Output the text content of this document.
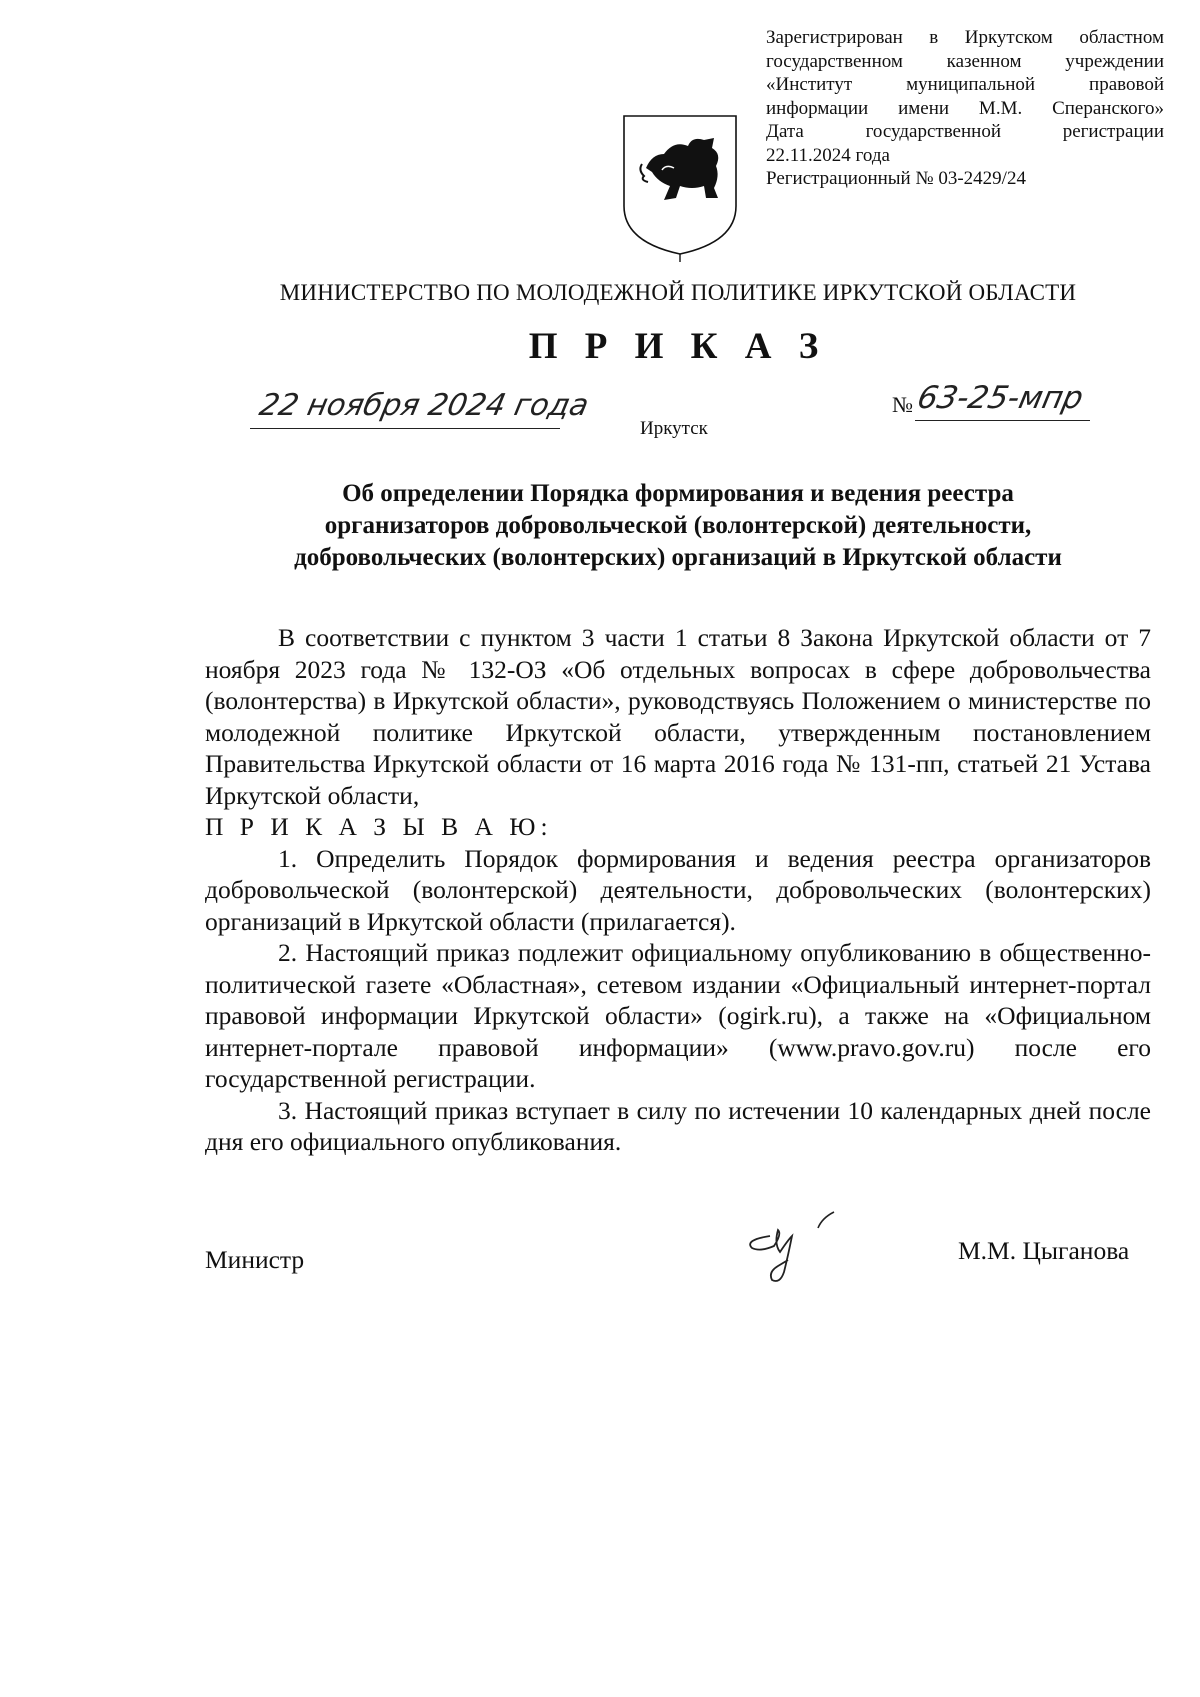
Зарегистрирован в Иркутском областном
государственном казенном учреждении
«Институт муниципальной правовой
информации имени М.М. Сперанского»
Дата государственной регистрации
22.11.2024 года
Регистрационный № 03-2429/24
МИНИСТЕРСТВО ПО МОЛОДЕЖНОЙ ПОЛИТИКЕ ИРКУТСКОЙ ОБЛАСТИ
П Р И К А З
22 ноября 2024 года
Иркутск
№ 63-25-мпр
Об определении Порядка формирования и ведения реестра
организаторов добровольческой (волонтерской) деятельности,
добровольческих (волонтерских) организаций в Иркутской области

В соответствии с пунктом 3 части 1 статьи 8 Закона Иркутской области от 7 ноября 2023 года № 132-ОЗ «Об отдельных вопросах в сфере добровольчества (волонтерства) в Иркутской области», руководствуясь Положением о министерстве по молодежной политике Иркутской области, утвержденным постановлением Правительства Иркутской области от 16 марта 2016 года № 131-пп, статьей 21 Устава Иркутской области,

П Р И К А З Ы В А Ю:

1. Определить Порядок формирования и ведения реестра организаторов добровольческой (волонтерской) деятельности, добровольческих (волонтерских) организаций в Иркутской области (прилагается).

2. Настоящий приказ подлежит официальному опубликованию в общественно-политической газете «Областная», сетевом издании «Официальный интернет-портал правовой информации Иркутской области» (ogirk.ru), а также на «Официальном интернет-портале правовой информации» (www.pravo.gov.ru) после его государственной регистрации.

3. Настоящий приказ вступает в силу по истечении 10 календарных дней после дня его официального опубликования.

Министр	М.М. Цыганова
